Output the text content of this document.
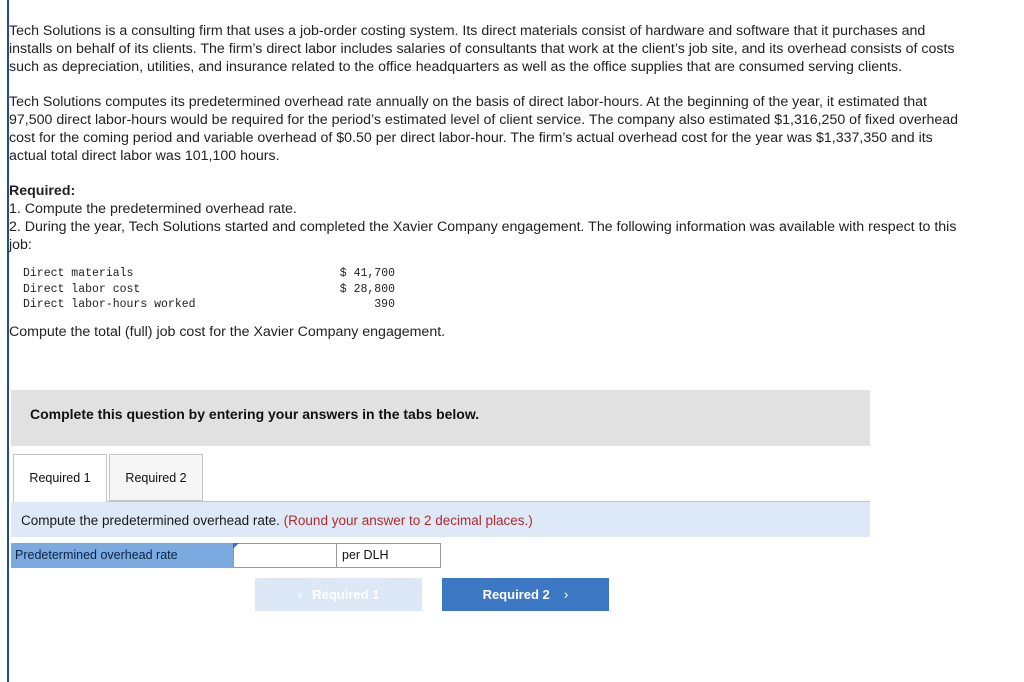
Tech Solutions is a consulting firm that uses a job-order costing system. Its direct materials consist of hardware and software that it purchases and installs on behalf of its clients. The firm’s direct labor includes salaries of consultants that work at the client’s job site, and its overhead consists of costs such as depreciation, utilities, and insurance related to the office headquarters as well as the office supplies that are consumed serving clients.

Tech Solutions computes its predetermined overhead rate annually on the basis of direct labor-hours. At the beginning of the year, it estimated that 97,500 direct labor-hours would be required for the period’s estimated level of client service. The company also estimated $1,316,250 of fixed overhead cost for the coming period and variable overhead of $0.50 per direct labor-hour. The firm’s actual overhead cost for the year was $1,337,350 and its actual total direct labor was 101,100 hours.

Required:
1. Compute the predetermined overhead rate.
2. During the year, Tech Solutions started and completed the Xavier Company engagement. The following information was available with respect to this job:
Direct materials	$ 41,700
Direct labor cost	$ 28,800
Direct labor-hours worked	390
Compute the total (full) job cost for the Xavier Company engagement.
Complete this question by entering your answers in the tabs below.
Required 1	Required 2
Compute the predetermined overhead rate. (Round your answer to 2 decimal places.)
Predetermined overhead rate	per DLH
‹ Required 1	Required 2 ›
